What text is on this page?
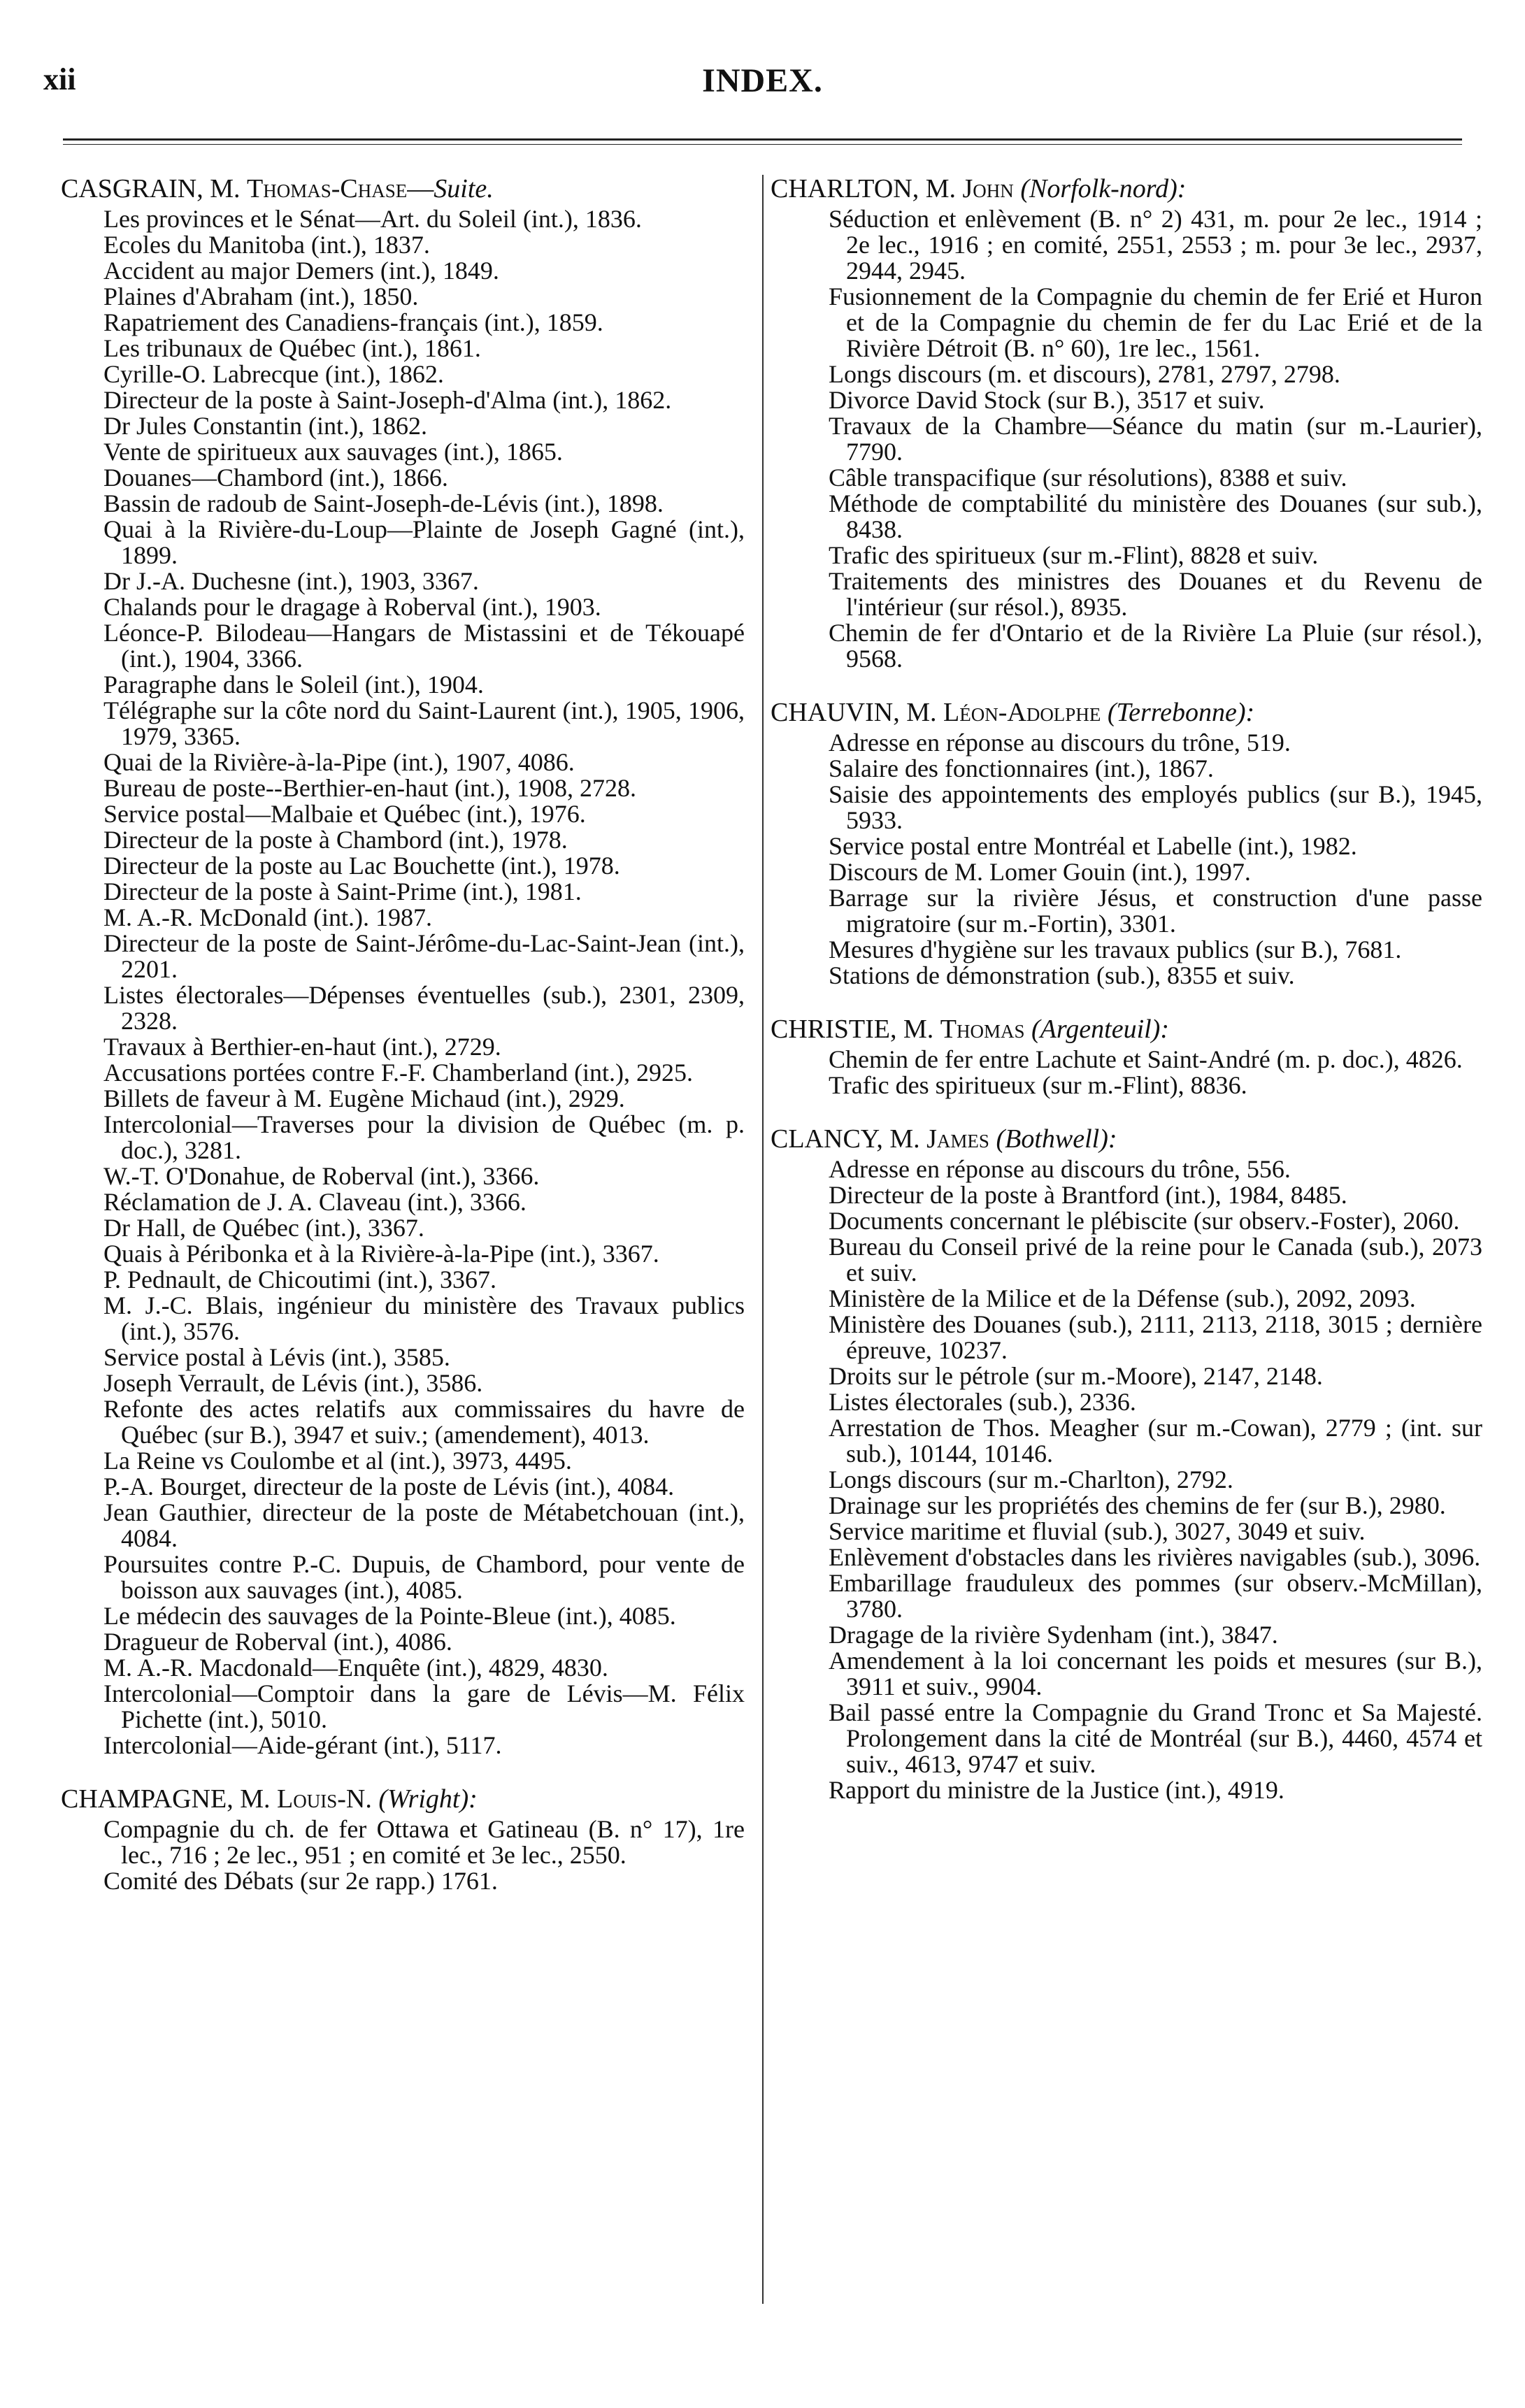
xii	INDEX.
CASGRAIN, M. Thomas-Chase—Suite.
Les provinces et le Sénat—Art. du Soleil (int.), 1836.
Ecoles du Manitoba (int.), 1837.
Accident au major Demers (int.), 1849.
Plaines d'Abraham (int.), 1850.
Rapatriement des Canadiens-français (int.), 1859.
Les tribunaux de Québec (int.), 1861.
Cyrille-O. Labrecque (int.), 1862.
Directeur de la poste à Saint-Joseph-d'Alma (int.), 1862.
Dr Jules Constantin (int.), 1862.
Vente de spiritueux aux sauvages (int.), 1865.
Douanes—Chambord (int.), 1866.
Bassin de radoub de Saint-Joseph-de-Lévis (int.), 1898.
Quai à la Rivière-du-Loup—Plainte de Joseph Gagné (int.), 1899.
Dr J.-A. Duchesne (int.), 1903, 3367.
Chalands pour le dragage à Roberval (int.), 1903.
Léonce-P. Bilodeau—Hangars de Mistassini et de Tékouapé (int.), 1904, 3366.
Paragraphe dans le Soleil (int.), 1904.
Télégraphe sur la côte nord du Saint-Laurent (int.), 1905, 1906, 1979, 3365.
Quai de la Rivière-à-la-Pipe (int.), 1907, 4086.
Bureau de poste--Berthier-en-haut (int.), 1908, 2728.
Service postal—Malbaie et Québec (int.), 1976.
Directeur de la poste à Chambord (int.), 1978.
Directeur de la poste au Lac Bouchette (int.), 1978.
Directeur de la poste à Saint-Prime (int.), 1981.
M. A.-R. McDonald (int.). 1987.
Directeur de la poste de Saint-Jérôme-du-Lac-Saint-Jean (int.), 2201.
Listes électorales—Dépenses éventuelles (sub.), 2301, 2309, 2328.
Travaux à Berthier-en-haut (int.), 2729.
Accusations portées contre F.-F. Chamberland (int.), 2925.
Billets de faveur à M. Eugène Michaud (int.), 2929.
Intercolonial—Traverses pour la division de Québec (m. p. doc.), 3281.
W.-T. O'Donahue, de Roberval (int.), 3366.
Réclamation de J. A. Claveau (int.), 3366.
Dr Hall, de Québec (int.), 3367.
Quais à Péribonka et à la Rivière-à-la-Pipe (int.), 3367.
P. Pednault, de Chicoutimi (int.), 3367.
M. J.-C. Blais, ingénieur du ministère des Travaux publics (int.), 3576.
Service postal à Lévis (int.), 3585.
Joseph Verrault, de Lévis (int.), 3586.
Refonte des actes relatifs aux commissaires du havre de Québec (sur B.), 3947 et suiv.; (amendement), 4013.
La Reine vs Coulombe et al (int.), 3973, 4495.
P.-A. Bourget, directeur de la poste de Lévis (int.), 4084.
Jean Gauthier, directeur de la poste de Métabetchouan (int.), 4084.
Poursuites contre P.-C. Dupuis, de Chambord, pour vente de boisson aux sauvages (int.), 4085.
Le médecin des sauvages de la Pointe-Bleue (int.), 4085.
Dragueur de Roberval (int.), 4086.
M. A.-R. Macdonald—Enquête (int.), 4829, 4830.
Intercolonial—Comptoir dans la gare de Lévis—M. Félix Pichette (int.), 5010.
Intercolonial—Aide-gérant (int.), 5117.
CHAMPAGNE, M. Louis-N. (Wright):
Compagnie du ch. de fer Ottawa et Gatineau (B. n° 17), 1re lec., 716 ; 2e lec., 951 ; en comité et 3e lec., 2550.
Comité des Débats (sur 2e rapp.) 1761.
CHARLTON, M. John (Norfolk-nord):
Séduction et enlèvement (B. n° 2) 431, m. pour 2e lec., 1914 ; 2e lec., 1916 ; en comité, 2551, 2553 ; m. pour 3e lec., 2937, 2944, 2945.
Fusionnement de la Compagnie du chemin de fer Erié et Huron et de la Compagnie du chemin de fer du Lac Erié et de la Rivière Détroit (B. n° 60), 1re lec., 1561.
Longs discours (m. et discours), 2781, 2797, 2798.
Divorce David Stock (sur B.), 3517 et suiv.
Travaux de la Chambre—Séance du matin (sur m.-Laurier), 7790.
Câble transpacifique (sur résolutions), 8388 et suiv.
Méthode de comptabilité du ministère des Douanes (sur sub.), 8438.
Trafic des spiritueux (sur m.-Flint), 8828 et suiv.
Traitements des ministres des Douanes et du Revenu de l'intérieur (sur résol.), 8935.
Chemin de fer d'Ontario et de la Rivière La Pluie (sur résol.), 9568.
CHAUVIN, M. Léon-Adolphe (Terrebonne):
Adresse en réponse au discours du trône, 519.
Salaire des fonctionnaires (int.), 1867.
Saisie des appointements des employés publics (sur B.), 1945, 5933.
Service postal entre Montréal et Labelle (int.), 1982.
Discours de M. Lomer Gouin (int.), 1997.
Barrage sur la rivière Jésus, et construction d'une passe migratoire (sur m.-Fortin), 3301.
Mesures d'hygiène sur les travaux publics (sur B.), 7681.
Stations de démonstration (sub.), 8355 et suiv.
CHRISTIE, M. Thomas (Argenteuil):
Chemin de fer entre Lachute et Saint-André (m. p. doc.), 4826.
Trafic des spiritueux (sur m.-Flint), 8836.
CLANCY, M. James (Bothwell):
Adresse en réponse au discours du trône, 556.
Directeur de la poste à Brantford (int.), 1984, 8485.
Documents concernant le plébiscite (sur observ.-Foster), 2060.
Bureau du Conseil privé de la reine pour le Canada (sub.), 2073 et suiv.
Ministère de la Milice et de la Défense (sub.), 2092, 2093.
Ministère des Douanes (sub.), 2111, 2113, 2118, 3015 ; dernière épreuve, 10237.
Droits sur le pétrole (sur m.-Moore), 2147, 2148.
Listes électorales (sub.), 2336.
Arrestation de Thos. Meagher (sur m.-Cowan), 2779 ; (int. sur sub.), 10144, 10146.
Longs discours (sur m.-Charlton), 2792.
Drainage sur les propriétés des chemins de fer (sur B.), 2980.
Service maritime et fluvial (sub.), 3027, 3049 et suiv.
Enlèvement d'obstacles dans les rivières navigables (sub.), 3096.
Embarillage frauduleux des pommes (sur observ.-McMillan), 3780.
Dragage de la rivière Sydenham (int.), 3847.
Amendement à la loi concernant les poids et mesures (sur B.), 3911 et suiv., 9904.
Bail passé entre la Compagnie du Grand Tronc et Sa Majesté. Prolongement dans la cité de Montréal (sur B.), 4460, 4574 et suiv., 4613, 9747 et suiv.
Rapport du ministre de la Justice (int.), 4919.
